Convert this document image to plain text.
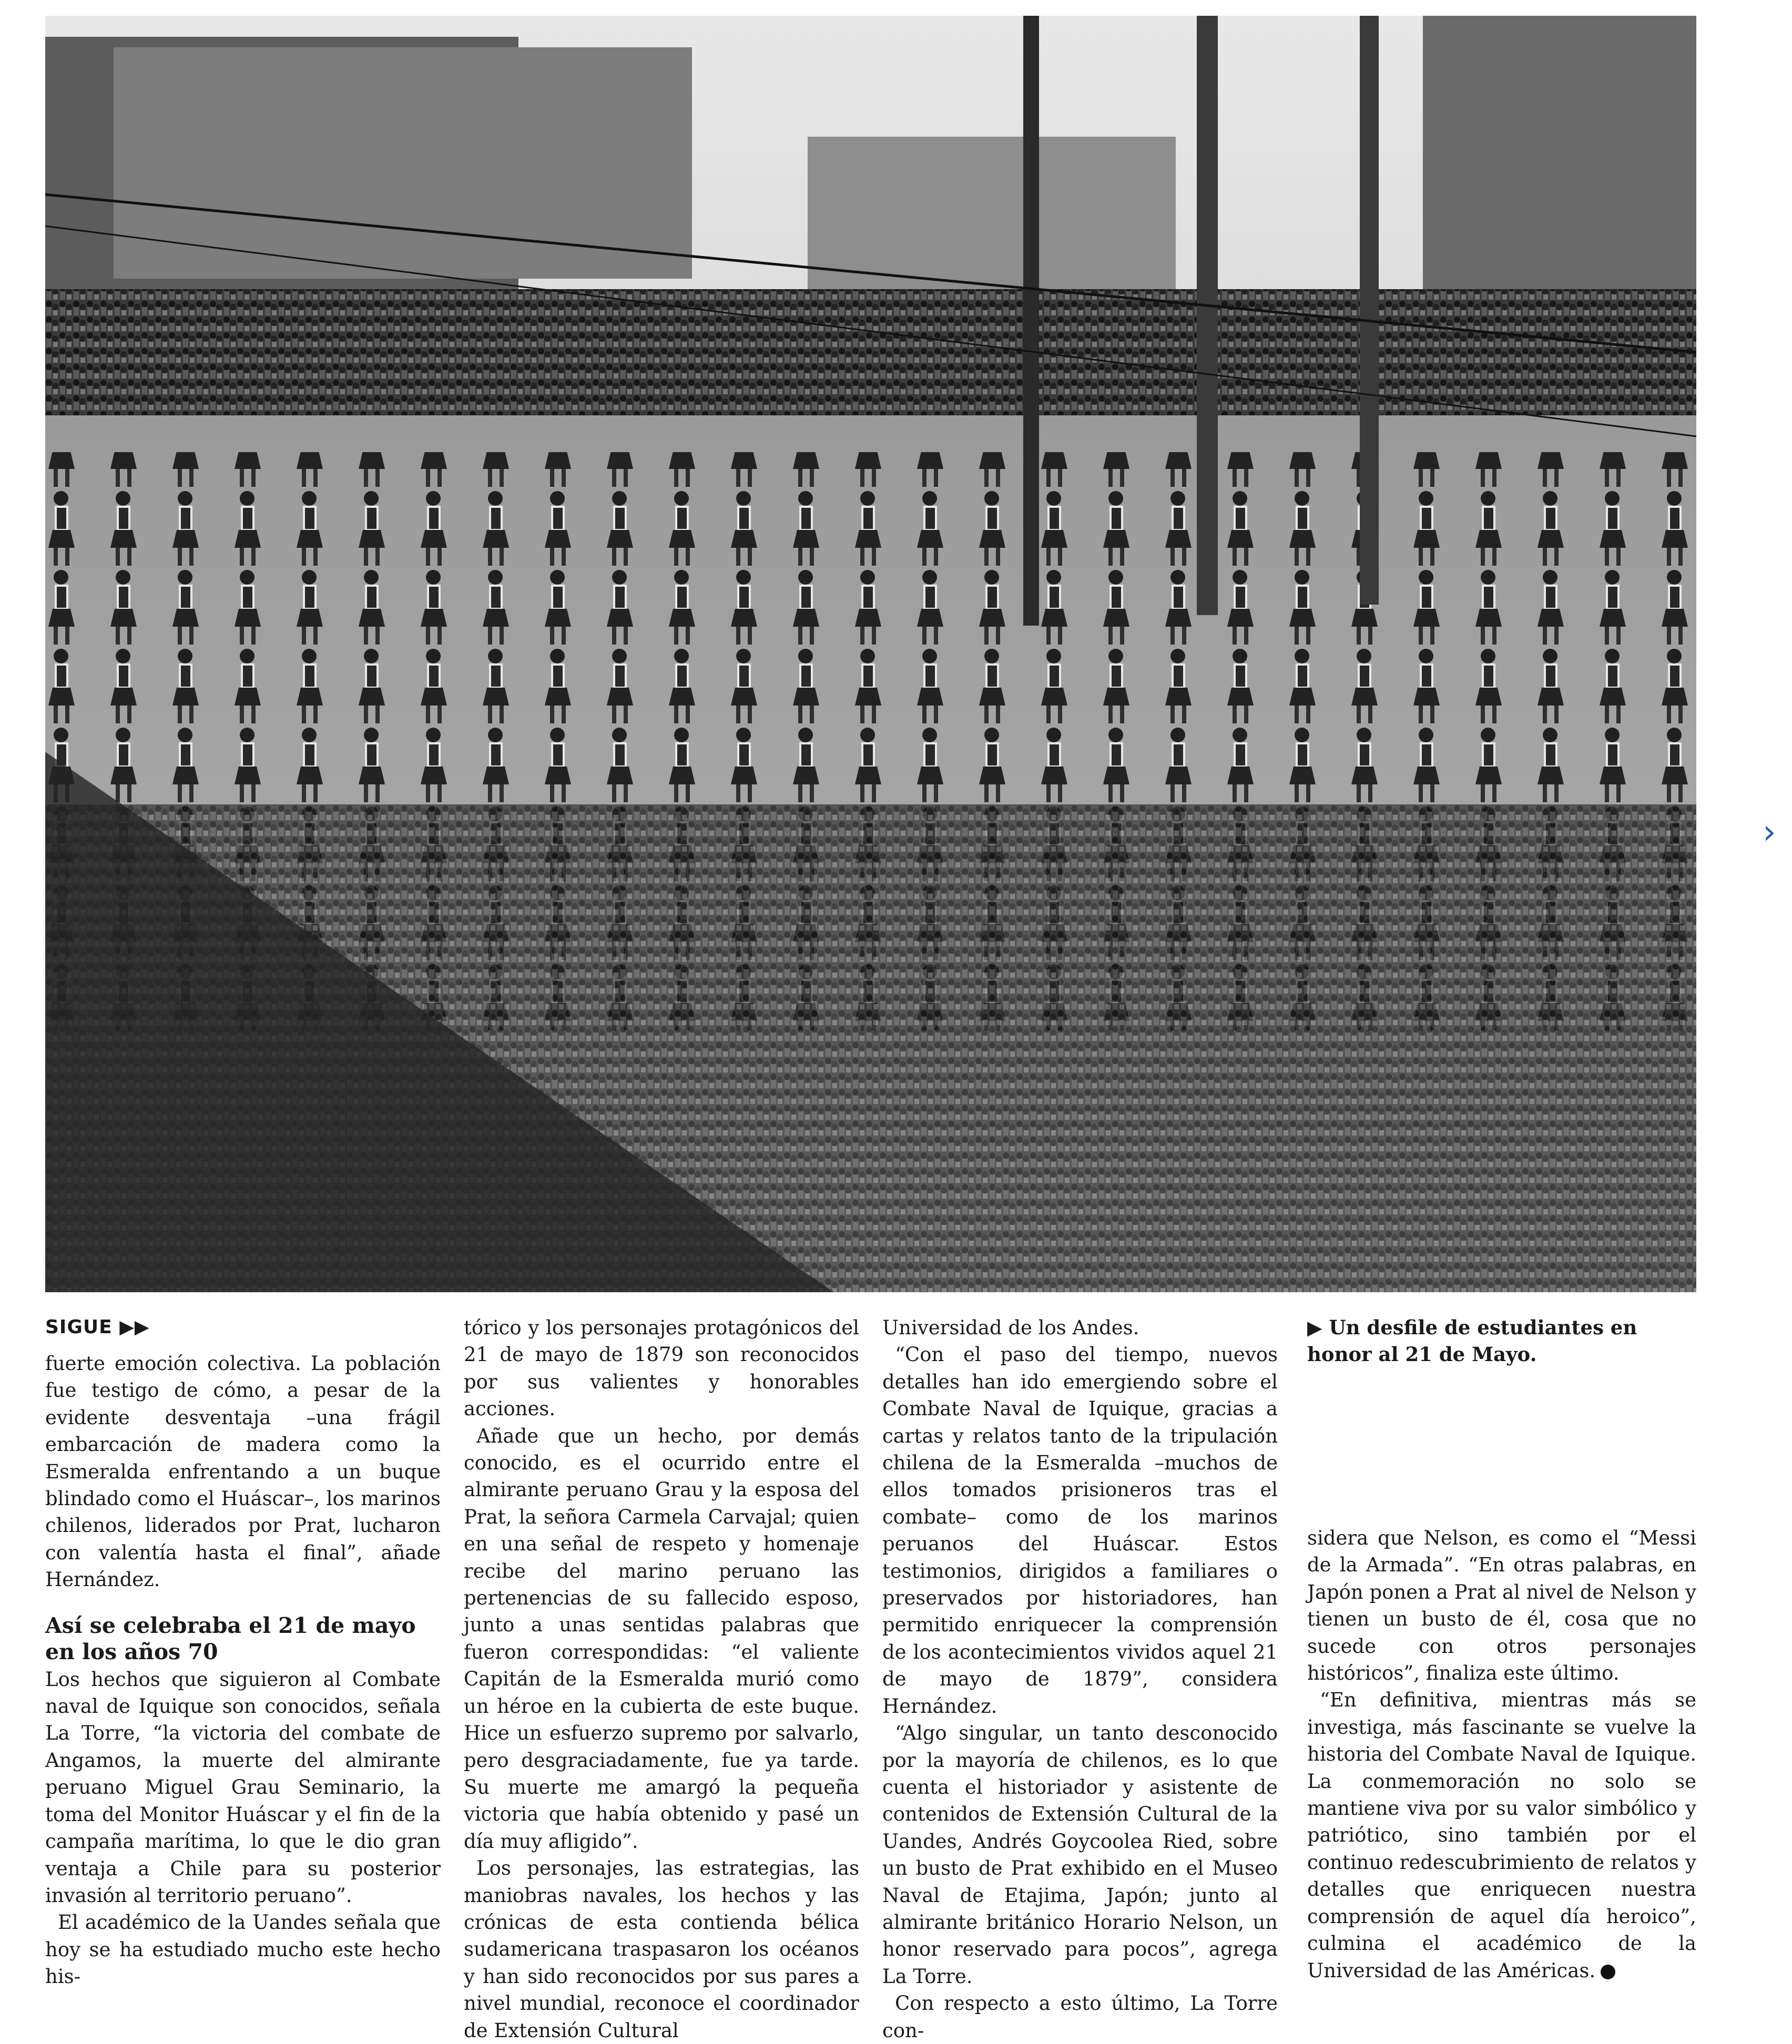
›
SIGUE ▶▶

fuerte emoción colectiva. La población fue testigo de cómo, a pesar de la evidente desventaja –una frágil embarcación de madera como la Esmeralda enfrentando a un buque blindado como el Huáscar–, los marinos chilenos, liderados por Prat, lucharon con valentía hasta el final”, añade Hernández.

Así se celebraba el 21 de mayo en los años 70

Los hechos que siguieron al Combate naval de Iquique son conocidos, señala La Torre, “la victoria del combate de Angamos, la muerte del almirante peruano Miguel Grau Seminario, la toma del Monitor Huáscar y el fin de la campaña marítima, lo que le dio gran ventaja a Chile para su posterior invasión al territorio peruano”.

El académico de la Uandes señala que hoy se ha estudiado mucho este hecho his-

tórico y los personajes protagónicos del 21 de mayo de 1879 son reconocidos por sus valientes y honorables acciones.

Añade que un hecho, por demás conocido, es el ocurrido entre el almirante peruano Grau y la esposa del Prat, la señora Carmela Carvajal; quien en una señal de respeto y homenaje recibe del marino peruano las pertenencias de su fallecido esposo, junto a unas sentidas palabras que fueron correspondidas: “el valiente Capitán de la Esmeralda murió como un héroe en la cubierta de este buque. Hice un esfuerzo supremo por salvarlo, pero desgraciadamente, fue ya tarde. Su muerte me amargó la pequeña victoria que había obtenido y pasé un día muy afligido”.

Los personajes, las estrategias, las maniobras navales, los hechos y las crónicas de esta contienda bélica sudamericana traspasaron los océanos y han sido reconocidos por sus pares a nivel mundial, reconoce el coordinador de Extensión Cultural

Universidad de los Andes.

“Con el paso del tiempo, nuevos detalles han ido emergiendo sobre el Combate Naval de Iquique, gracias a cartas y relatos tanto de la tripulación chilena de la Esmeralda –muchos de ellos tomados prisioneros tras el combate– como de los marinos peruanos del Huáscar. Estos testimonios, dirigidos a familiares o preservados por historiadores, han permitido enriquecer la comprensión de los acontecimientos vividos aquel 21 de mayo de 1879”, considera Hernández.

“Algo singular, un tanto desconocido por la mayoría de chilenos, es lo que cuenta el historiador y asistente de contenidos de Extensión Cultural de la Uandes, Andrés Goycoolea Ried, sobre un busto de Prat exhibido en el Museo Naval de Etajima, Japón; junto al almirante británico Horario Nelson, un honor reservado para pocos”, agrega La Torre.

Con respecto a esto último, La Torre con-

▶ Un desfile de estudiantes en honor al 21 de Mayo.

sidera que Nelson, es como el “Messi de la Armada”. “En otras palabras, en Japón ponen a Prat al nivel de Nelson y tienen un busto de él, cosa que no sucede con otros personajes históricos”, finaliza este último.

“En definitiva, mientras más se investiga, más fascinante se vuelve la historia del Combate Naval de Iquique. La conmemoración no solo se mantiene viva por su valor simbólico y patriótico, sino también por el continuo redescubrimiento de relatos y detalles que enriquecen nuestra comprensión de aquel día heroico”, culmina el académico de la Universidad de las Américas.
